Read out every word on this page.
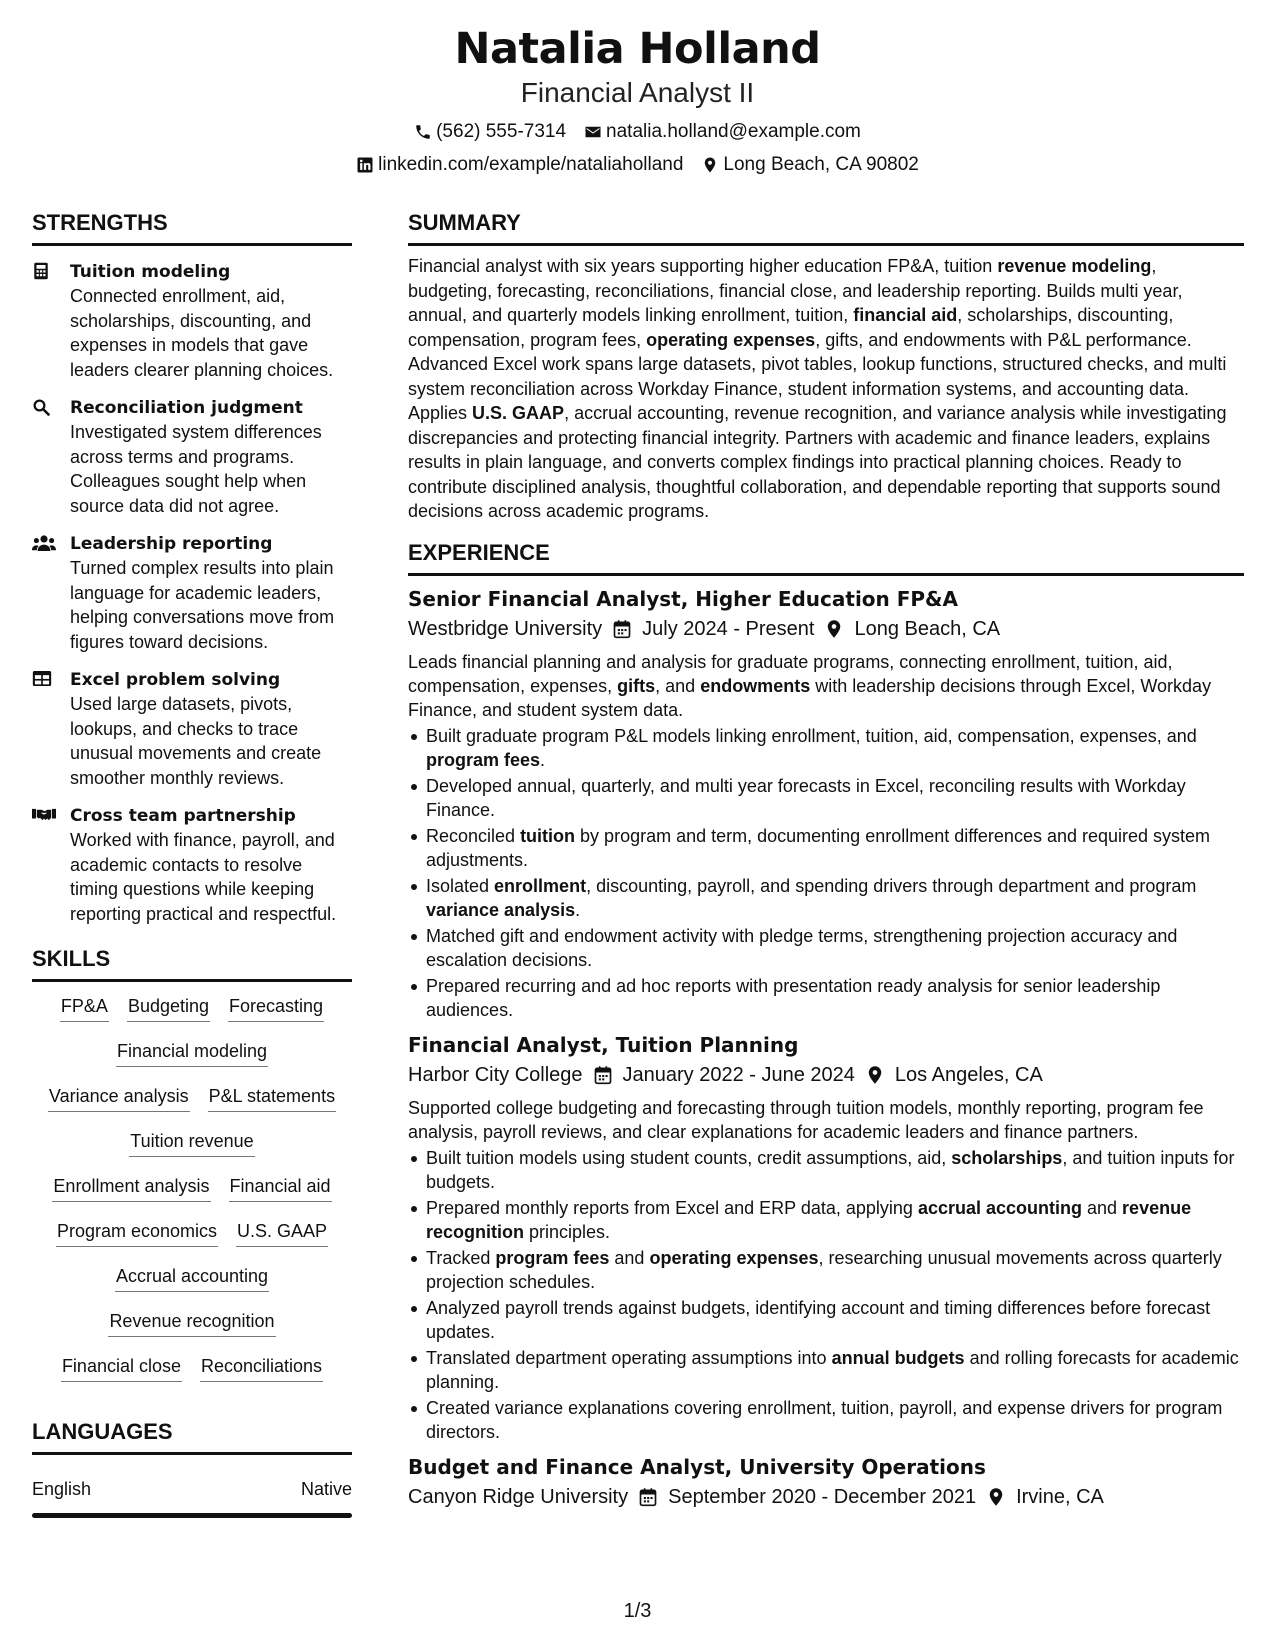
Natalia Holland
Financial Analyst II
(562) 555-7314 natalia.holland@example.com
linkedin.com/example/nataliaholland Long Beach, CA 90802
STRENGTHS
Tuition modeling
Connected enrollment, aid, scholarships, discounting, and expenses in models that gave leaders clearer planning choices.
Reconciliation judgment
Investigated system differences across terms and programs. Colleagues sought help when source data did not agree.
Leadership reporting
Turned complex results into plain language for academic leaders, helping conversations move from figures toward decisions.
Excel problem solving
Used large datasets, pivots, lookups, and checks to trace unusual movements and create smoother monthly reviews.
Cross team partnership
Worked with finance, payroll, and academic contacts to resolve timing questions while keeping reporting practical and respectful.
SKILLS
FP&A Budgeting Forecasting
Financial modeling
Variance analysis P&L statements
Tuition revenue
Enrollment analysis Financial aid
Program economics U.S. GAAP
Accrual accounting
Revenue recognition
Financial close Reconciliations
LANGUAGES
English	Native
SUMMARY
Financial analyst with six years supporting higher education FP&A, tuition revenue modeling, budgeting, forecasting, reconciliations, financial close, and leadership reporting. Builds multi year, annual, and quarterly models linking enrollment, tuition, financial aid, scholarships, discounting, compensation, program fees, operating expenses, gifts, and endowments with P&L performance. Advanced Excel work spans large datasets, pivot tables, lookup functions, structured checks, and multi system reconciliation across Workday Finance, student information systems, and accounting data. Applies U.S. GAAP, accrual accounting, revenue recognition, and variance analysis while investigating discrepancies and protecting financial integrity. Partners with academic and finance leaders, explains results in plain language, and converts complex findings into practical planning choices. Ready to contribute disciplined analysis, thoughtful collaboration, and dependable reporting that supports sound decisions across academic programs.
EXPERIENCE
Senior Financial Analyst, Higher Education FP&A
Westbridge University July 2024 - Present Long Beach, CA
Leads financial planning and analysis for graduate programs, connecting enrollment, tuition, aid, compensation, expenses, gifts, and endowments with leadership decisions through Excel, Workday Finance, and student system data.
Built graduate program P&L models linking enrollment, tuition, aid, compensation, expenses, and program fees.
Developed annual, quarterly, and multi year forecasts in Excel, reconciling results with Workday Finance.
Reconciled tuition by program and term, documenting enrollment differences and required system adjustments.
Isolated enrollment, discounting, payroll, and spending drivers through department and program variance analysis.
Matched gift and endowment activity with pledge terms, strengthening projection accuracy and escalation decisions.
Prepared recurring and ad hoc reports with presentation ready analysis for senior leadership audiences.
Financial Analyst, Tuition Planning
Harbor City College January 2022 - June 2024 Los Angeles, CA
Supported college budgeting and forecasting through tuition models, monthly reporting, program fee analysis, payroll reviews, and clear explanations for academic leaders and finance partners.
Built tuition models using student counts, credit assumptions, aid, scholarships, and tuition inputs for budgets.
Prepared monthly reports from Excel and ERP data, applying accrual accounting and revenue recognition principles.
Tracked program fees and operating expenses, researching unusual movements across quarterly projection schedules.
Analyzed payroll trends against budgets, identifying account and timing differences before forecast updates.
Translated department operating assumptions into annual budgets and rolling forecasts for academic planning.
Created variance explanations covering enrollment, tuition, payroll, and expense drivers for program directors.
Budget and Finance Analyst, University Operations
Canyon Ridge University September 2020 - December 2021 Irvine, CA
1/3
